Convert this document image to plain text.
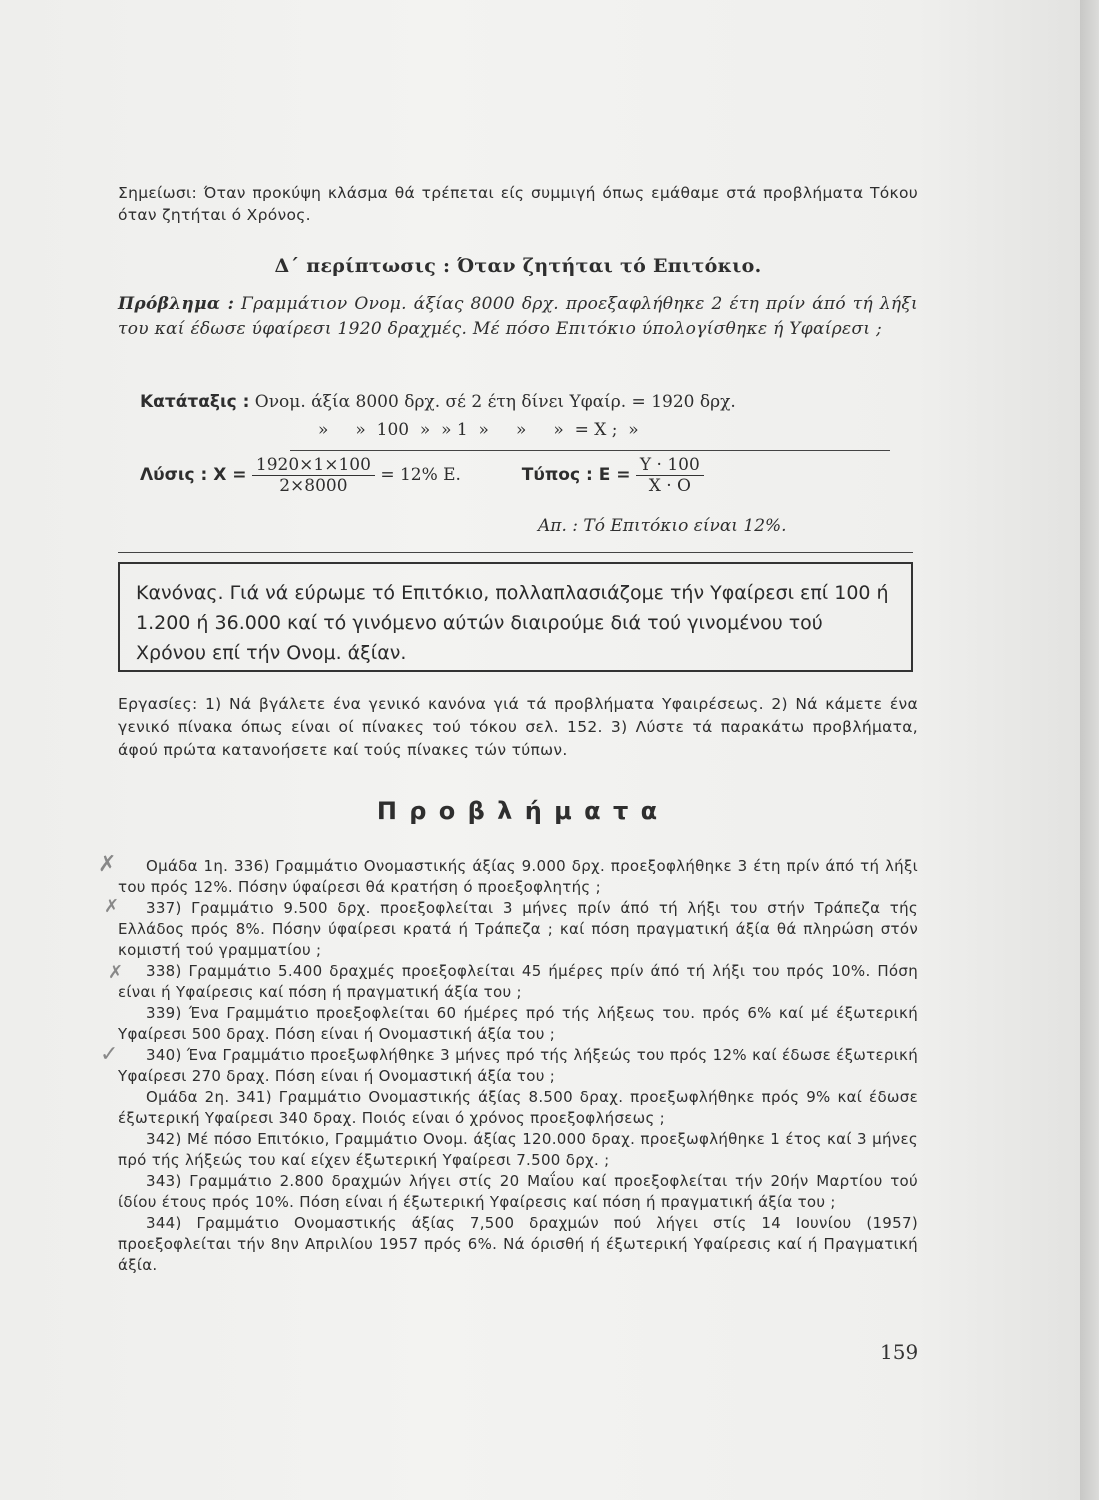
Σημείωσι: Όταν προκύψη κλάσμα θά τρέπεται είς συμμιγή όπως εμάθαμε στά προβλήματα Τόκου όταν ζητήται ό Χρόνος.
Δ΄ περίπτωσις : Όταν ζητήται τό Επιτόκιο.
Πρόβλημα : Γραμμάτιον Ονομ. άξίας 8000 δρχ. προεξαφλήθηκε 2 έτη πρίν άπό τή λήξι του καί έδωσε ύφαίρεσι 1920 δραχμές. Μέ πόσο Επιτόκιο ύπολογίσθηκε ή Υφαίρεσι ;
Κατάταξις : Ονομ. άξία 8000 δρχ. σέ 2 έτη δίνει Υφαίρ. = 1920 δρχ.
»     »  100  »  » 1  »     »     »  = Χ ;  »
Λύσις : $X = \frac{1920\times 1\times 100}{2\times 8000} = 12\%$ Ε.	Τύπος : $E = \frac{\Upsilon \cdot 100}{X \cdot O}$
Απ. : Τό Επιτόκιο είναι 12%.
Κανόνας. Γιά νά εύρωμε τό Επιτόκιο, πολλαπλασιάζομε τήν Υφαίρεσι επί 100 ή 1.200 ή 36.000 καί τό γινόμενο αύτών διαιρούμε διά τού γινομένου τού Χρόνου επί τήν Ονομ. άξίαν.
Εργασίες: 1) Νά βγάλετε ένα γενικό κανόνα γιά τά προβλήματα Υφαιρέσεως. 2) Νά κάμετε ένα γενικό πίνακα όπως είναι οί πίνακες τού τόκου σελ. 152. 3) Λύστε τά παρακάτω προβλήματα, άφού πρώτα κατανοήσετε καί τούς πίνακες τών τύπων.
Π ρ ο β λ ή μ α τ α

Ομάδα 1η. 336) Γραμμάτιο Ονομαστικής άξίας 9.000 δρχ. προεξοφλήθηκε 3 έτη πρίν άπό τή λήξι του πρός 12%. Πόσην ύφαίρεσι θά κρατήση ό προεξοφλητής ;

337) Γραμμάτιο 9.500 δρχ. προεξοφλείται 3 μήνες πρίν άπό τή λήξι του στήν Τράπεζα τής Ελλάδος πρός 8%. Πόσην ύφαίρεσι κρατά ή Τράπεζα ; καί πόση πραγματική άξία θά πληρώση στόν κομιστή τού γραμματίου ;

338) Γραμμάτιο 5.400 δραχμές προεξοφλείται 45 ήμέρες πρίν άπό τή λήξι του πρός 10%. Πόση είναι ή Υφαίρεσις καί πόση ή πραγματική άξία του ;

339) Ένα Γραμμάτιο προεξοφλείται 60 ήμέρες πρό τής λήξεως του. πρός 6% καί μέ έξωτερική Υφαίρεσι 500 δραχ. Πόση είναι ή Ονομαστική άξία του ;

340) Ένα Γραμμάτιο προεξωφλήθηκε 3 μήνες πρό τής λήξεώς του πρός 12% καί έδωσε έξωτερική Υφαίρεσι 270 δραχ. Πόση είναι ή Ονομαστική άξία του ;

Ομάδα 2η. 341) Γραμμάτιο Ονομαστικής άξίας 8.500 δραχ. προεξωφλήθηκε πρός 9% καί έδωσε έξωτερική Υφαίρεσι 340 δραχ. Ποιός είναι ό χρόνος προεξοφλήσεως ;

342) Μέ πόσο Επιτόκιο, Γραμμάτιο Ονομ. άξίας 120.000 δραχ. προεξωφλήθηκε 1 έτος καί 3 μήνες πρό τής λήξεώς του καί είχεν έξωτερική Υφαίρεσι 7.500 δρχ. ;

343) Γραμμάτιο 2.800 δραχμών λήγει στίς 20 Μαΐου καί προεξοφλείται τήν 20ήν Μαρτίου τού ίδίου έτους πρός 10%. Πόση είναι ή έξωτερική Υφαίρεσις καί πόση ή πραγματική άξία του ;

344) Γραμμάτιο Ονομαστικής άξίας 7,500 δραχμών πού λήγει στίς 14 Ιουνίου (1957) προεξοφλείται τήν 8ην Απριλίου 1957 πρός 6%. Νά όρισθή ή έξωτερική Υφαίρεσις καί ή Πραγματική άξία.

✗
✗
✗
✓
159
